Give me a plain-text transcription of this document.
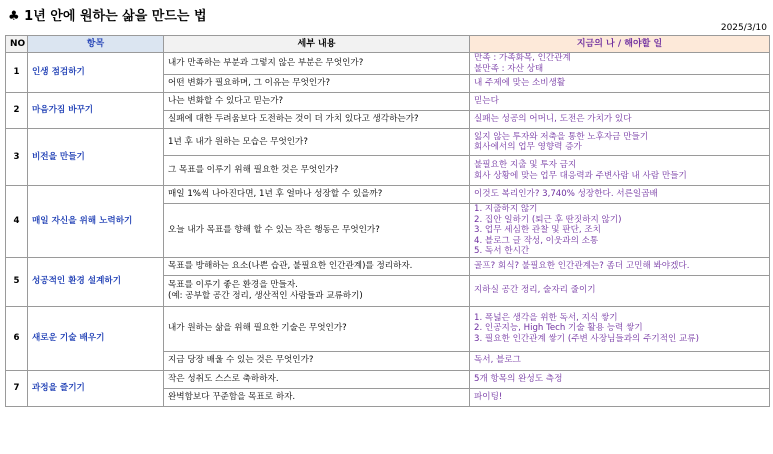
♣ 1년 안에 원하는 삶을 만드는 법
2025/3/10
NO	항목	세부 내용	지금의 나 / 해야할 일
1	인생 점검하기	내가 만족하는 부분과 그렇지 않은 부분은 무엇인가?	만족 : 가족화목, 인간관계
불만족 : 자산 상태

		어떤 변화가 필요하며, 그 이유는 무엇인가?	내 주제에 맞는 소비생활

2	마음가짐 바꾸기	나는 변화할 수 있다고 믿는가?	믿는다

		실패에 대한 두려움보다 도전하는 것이 더 가치 있다고 생각하는가?	실패는 성공의 어머니, 도전은 가치가 있다

3	비전을 만들기	1년 후 내가 원하는 모습은 무엇인가?	잃지 않는 투자와 저축을 통한 노후자금 만들기
회사에서의 업무 영향력 증가

		그 목표를 이루기 위해 필요한 것은 무엇인가?	불필요한 지출 및 투자 금지
회사 상황에 맞는 업무 대응력과 주변사람 내 사람 만들기

4	매일 자신을 위해 노력하기	매일 1%씩 나아진다면, 1년 후 얼마나 성장할 수 있을까?	이것도 복리인가? 3,740% 성장한다. 서른일곱배

		오늘 내가 목표를 향해 할 수 있는 작은 행동은 무엇인가?	1. 지출하지 않기
2. 집안 일하기 (퇴근 후 딴짓하지 않기)
3. 업무 세심한 관찰 및 판단, 조치
4. 블로그 글 작성, 이웃과의 소통
5. 독서 한시간

5	성공적인 환경 설계하기	목표를 방해하는 요소(나쁜 습관, 불필요한 인간관계)를 정리하자.	골프? 회식? 불필요한 인간관계는? 좀더 고민해 봐야겠다.

		목표를 이루기 좋은 환경을 만들자.
(예: 공부할 공간 정리, 생산적인 사람들과 교류하기)	지하실 공간 정리, 술자리 줄이기

6	새로운 기술 배우기	내가 원하는 삶을 위해 필요한 기술은 무엇인가?	1. 폭넓은 생각을 위한 독서, 지식 쌓기
2. 인공지능, High Tech 기술 활용 능력 쌓기
3. 필요한 인간관계 쌓기 (주변 사장님들과의 주기적인 교류)

		지금 당장 배울 수 있는 것은 무엇인가?	독서, 블로그

7	과정을 즐기기	작은 성취도 스스로 축하하자.	5개 항목의 완성도 측정

		완벽함보다 꾸준함을 목표로 하자.	파이팅!
